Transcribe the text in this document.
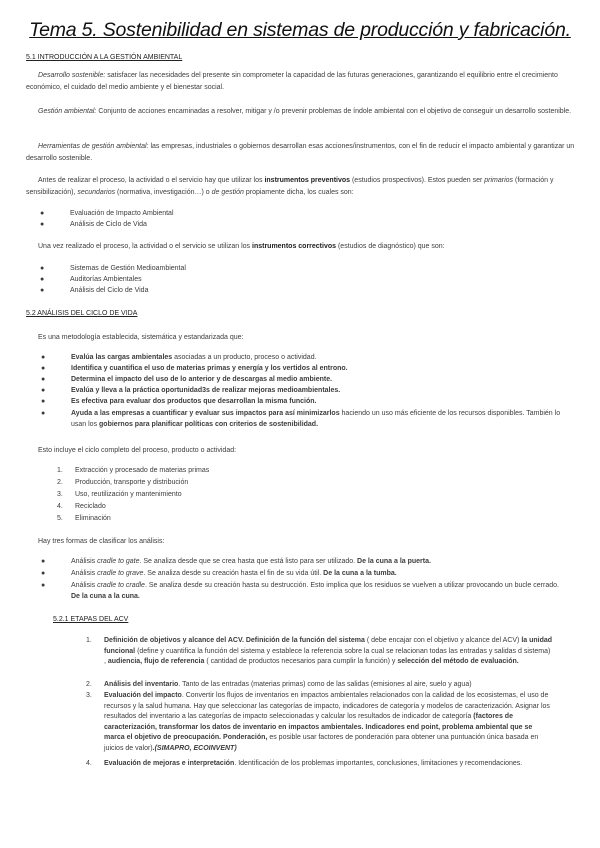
Tema 5. Sostenibilidad en sistemas de producción y fabricación.
5.1 INTRODUCCIÓN A LA GESTIÓN AMBIENTAL
Desarrollo sostenible: satisfacer las necesidades del presente sin comprometer la capacidad de las futuras generaciones, garantizando el equilibrio entre el crecimiento económico, el cuidado del medio ambiente y el bienestar social.
Gestión ambiental: Conjunto de acciones encaminadas a resolver, mitigar y /o prevenir problemas de índole ambiental con el objetivo de conseguir un desarrollo sostenible.
Herramientas de gestión ambiental: las empresas, industriales o gobiernos desarrollan esas acciones/instrumentos, con el fin de reducir el impacto ambiental y garantizar un desarrollo sostenible.
Antes de realizar el proceso, la actividad o el servicio hay que utilizar los instrumentos preventivos (estudios prospectivos). Estos pueden ser primarios (formación y sensibilización), secundarios (normativa, investigación…) o de gestión propiamente dicha, los cuales son:
●	Evaluación de Impacto Ambiental
●	Análisis de Ciclo de Vida
Una vez realizado el proceso, la actividad o el servicio se utilizan los instrumentos correctivos (estudios de diagnóstico) que son:
●	Sistemas de Gestión Medioambiental
●	Auditorías Ambientales
●	Análisis del Ciclo de Vida
5.2 ANÁLISIS DEL CICLO DE VIDA
Es una metodología establecida, sistemática y estandarizada que:
●	Evalúa las cargas ambientales asociadas a un producto, proceso o actividad.
●	Identifica y cuantifica el uso de materias primas y energía y los vertidos al entrono.
●	Determina el impacto del uso de lo anterior y de descargas al medio ambiente.
●	Evalúa y lleva a la práctica oportunidad3s de realizar mejoras medioambientales.
●	Es efectiva para evaluar dos productos que desarrollan la misma función.
●	Ayuda a las empresas a cuantificar y evaluar sus impactos para así minimizarlos haciendo un uso más eficiente de los recursos disponibles. También lo usan los gobiernos para planificar políticas con criterios de sostenibilidad.
Esto incluye el ciclo completo del proceso, producto o actividad:
1. Extracción y procesado de materias primas
2. Producción, transporte y distribución
3. Uso, reutilización y mantenimiento
4. Reciclado
5. Eliminación
Hay tres formas de clasificar los análisis:
●	Análisis cradle to gate. Se analiza desde que se crea hasta que está listo para ser utilizado. De la cuna a la puerta.
●	Análisis cradle to grave. Se analiza desde su creación hasta el fin de su vida útil. De la cuna a la tumba.
●	Análisis cradle to cradle. Se analiza desde su creación hasta su destrucción. Esto implica que los residuos se vuelven a utilizar provocando un bucle cerrado. De la cuna a la cuna.
5.2.1 ETAPAS DEL ACV
1. Definición de objetivos y alcance del ACV. Definición de la función del sistema ( debe encajar con el objetivo y alcance del ACV) la unidad funcional (define y cuantifica la función del sistema y establece la referencia sobre la cual se relacionan todas las entradas y salidas d sistema) , audiencia, flujo de referencia ( cantidad de productos necesarios para cumplir la función) y selección del método de evaluación.
2. Análisis del inventario. Tanto de las entradas (materias primas) como de las salidas (emisiones al aire, suelo y agua)
3. Evaluación del impacto. Convertir los flujos de inventarios en impactos ambientales relacionados con la calidad de los ecosistemas, el uso de recursos y la salud humana. Hay que seleccionar las categorías de impacto, indicadores de categoría y modelos de caracterización. Asignar los resultados del inventario a las categorías de impacto seleccionadas y calcular los resultados de indicador de categoría (factores de caracterización, transformar los datos de inventario en impactos ambientales. Indicadores end point, problema ambiental que se marca el objetivo de preocupación. Ponderación, es posible usar factores de ponderación para obtener una puntuación única basada en juicios de valor).(SIMAPRO, ECOINVENT)
4. Evaluación de mejoras e interpretación. Identificación de los problemas importantes, conclusiones, limitaciones y recomendaciones.
